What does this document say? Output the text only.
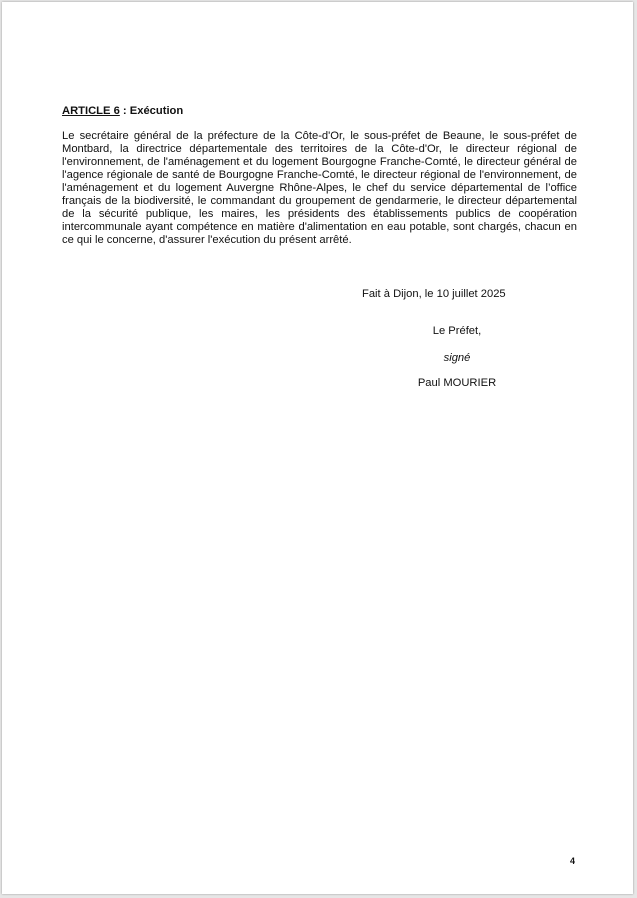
ARTICLE 6 : Exécution
Le secrétaire général de la préfecture de la Côte-d'Or, le sous-préfet de Beaune, le sous-préfet de Montbard, la directrice départementale des territoires de la Côte-d'Or, le directeur régional de l'environnement, de l'aménagement et du logement Bourgogne Franche-Comté, le directeur général de l'agence régionale de santé de Bourgogne Franche-Comté, le directeur régional de l'environnement, de l'aménagement et du logement Auvergne Rhône-Alpes, le chef du service départemental de l’office français de la biodiversité, le commandant du groupement de gendarmerie, le directeur départemental de la sécurité publique, les maires, les présidents des établissements publics de coopération intercommunale ayant compétence en matière d'alimentation en eau potable, sont chargés, chacun en ce qui le concerne, d'assurer l'exécution du présent arrêté.
Fait à Dijon, le 10 juillet 2025
Le Préfet,
signé
Paul MOURIER
4
